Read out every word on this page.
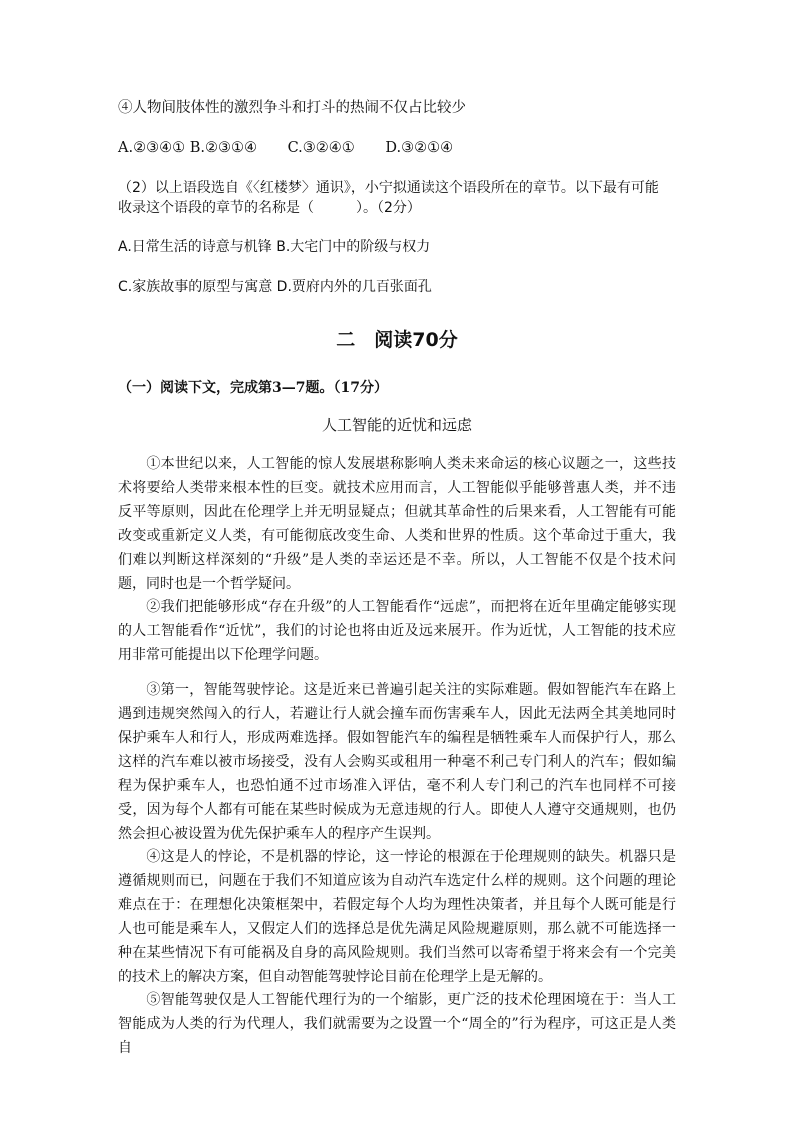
④人物间肢体性的激烈争斗和打斗的热闹不仅占比较少
A.②③④① B.②③①④ C.③②④① D.③②①④
（2）以上语段选自《〈红楼梦〉通识》，小宁拟通读这个语段所在的章节。以下最有可能
收录这个语段的章节的名称是（　　　）。（2分）
A.日常生活的诗意与机锋 B.大宅门中的阶级与权力
C.家族故事的原型与寓意 D.贾府内外的几百张面孔
二　阅读70分
（一）阅读下文，完成第3—7题。（17分）
人工智能的近忧和远虑
①本世纪以来，人工智能的惊人发展堪称影响人类未来命运的核心议题之一，这些技术将要给人类带来根本性的巨变。就技术应用而言，人工智能似乎能够普惠人类，并不违反平等原则，因此在伦理学上并无明显疑点；但就其革命性的后果来看，人工智能有可能改变或重新定义人类，有可能彻底改变生命、人类和世界的性质。这个革命过于重大，我们难以判断这样深刻的“升级”是人类的幸运还是不幸。所以，人工智能不仅是个技术问题，同时也是一个哲学疑问。
②我们把能够形成“存在升级”的人工智能看作“远虑”，而把将在近年里确定能够实现的人工智能看作“近忧”，我们的讨论也将由近及远来展开。作为近忧，人工智能的技术应用非常可能提出以下伦理学问题。
③第一，智能驾驶悖论。这是近来已普遍引起关注的实际难题。假如智能汽车在路上遇到违规突然闯入的行人，若避让行人就会撞车而伤害乘车人，因此无法两全其美地同时保护乘车人和行人，形成两难选择。假如智能汽车的编程是牺牲乘车人而保护行人，那么这样的汽车难以被市场接受，没有人会购买或租用一种毫不利己专门利人的汽车；假如编程为保护乘车人，也恐怕通不过市场准入评估，毫不利人专门利己的汽车也同样不可接受，因为每个人都有可能在某些时候成为无意违规的行人。即使人人遵守交通规则，也仍然会担心被设置为优先保护乘车人的程序产生误判。
④这是人的悖论，不是机器的悖论，这一悖论的根源在于伦理规则的缺失。机器只是遵循规则而已，问题在于我们不知道应该为自动汽车选定什么样的规则。这个问题的理论难点在于：在理想化决策框架中，若假定每个人均为理性决策者，并且每个人既可能是行人也可能是乘车人，又假定人们的选择总是优先满足风险规避原则，那么就不可能选择一种在某些情况下有可能祸及自身的高风险规则。我们当然可以寄希望于将来会有一个完美的技术上的解决方案，但自动智能驾驶悖论目前在伦理学上是无解的。
⑤智能驾驶仅是人工智能代理行为的一个缩影，更广泛的技术伦理困境在于：当人工智能成为人类的行为代理人，我们就需要为之设置一个“周全的”行为程序，可这正是人类自
